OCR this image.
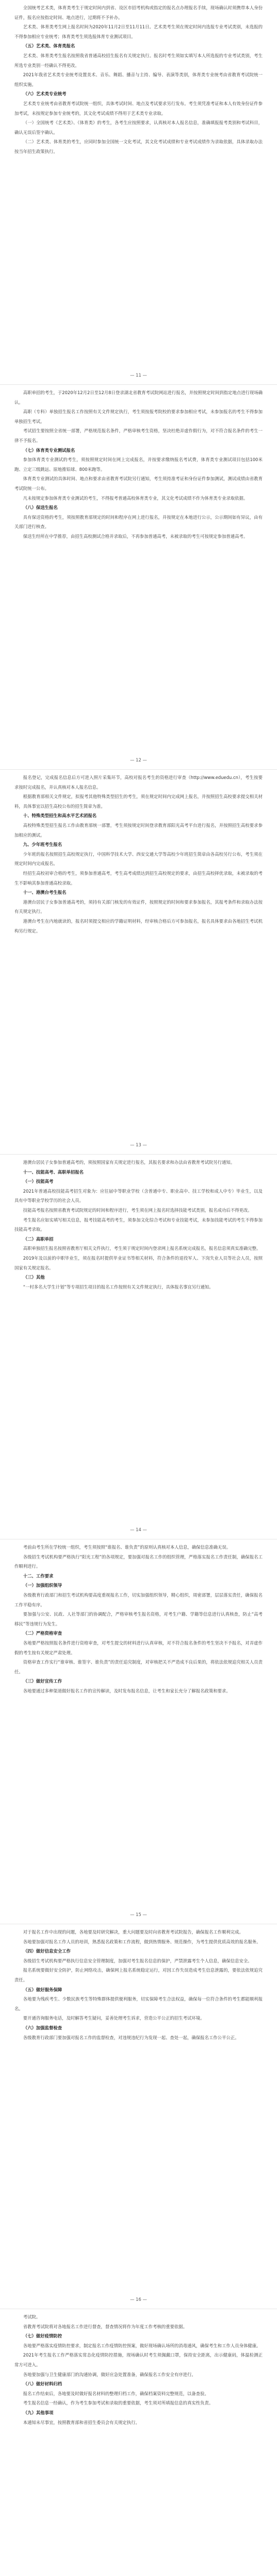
全国统考艺术类，体育类考生于规定时间内到省、设区市招考机构或指定的报名点办理报名手续，现场确认时须携带本人身份证件，报名应按指定时间、地点进行，过期将不予补办。

艺术类、体育类考生网上报名时间为2020年11月2日至11月11日。艺术类考生须在规定时间内选报专业考试类别，未选报的不得参加相应专业统考；体育类考生须选报体育专业测试项目。

（五）艺术类、体育类报名

艺术类、体育类考生报名按照我省普通高校招生报名有关规定执行。报名时考生须如实填写本人所选报的专业考试类别，考生所选专业类别一经确认不得更改。

2021年我省艺术类专业统考设置美术、音乐、舞蹈、播音与主持、编导、表演等类别，体育类专业统考由省教育考试院统一组织实施。

（六）艺术类专业统考

艺术类专业统考由省教育考试院统一组织，具体考试时间、地点及考试要求另行发布。考生须凭准考证和本人有效身份证件参加考试，未按规定参加专业统考的，其文化考试成绩不得用于艺术类专业录取。

（一）全国统考《艺术类》、《体育类》的考生，各考生应按照要求，认真核对本人报名信息，准确填报报考类别和考试科目，确认无误后签字确认。

（二）艺术类、体育类的考生，应同时参加全国统一文化考试，其文化考试成绩和专业考试成绩作为录取依据，具体录取办法按当年招生政策执行。

— 11 —

高职单招的考生，于2020年12月2日至12月8日登录湖北省教育考试院网站进行报名，并按照规定时间到指定地点进行现场确认。

高职（专科）单独招生报名工作按照有关文件规定执行，考生须按报考院校的要求参加相应考试，未参加报名的考生不得参加单独招生考试。

考试招生要按照全省统一部署，严格规范报名条件，严格审核考生资格，坚决杜绝弄虚作假行为，对不符合报名条件的考生一律不予报名。

（七）体育类专业测试报名

参加体育类专业测试的考生，须按照规定时间在网上完成报名，并按要求缴纳报名考试费，体育类专业测试项目包括100米跑、立定三级跳远、原地推铅球、800米跑等。

体育类专业测试的具体时间、地点和要求由省教育考试院另行通知，考生须持准考证和身份证件参加测试，测试成绩由省教育考试院统一公布。

凡未按规定参加体育类专业测试的考生，不得报考普通高校体育类专业，其文化考试成绩不作为体育类专业录取依据。

（八）保送生报名

具有保送资格的考生，须按照教育部规定的时间和程序在网上进行报名，并按规定在本地进行公示，公示期间如有异议，由有关部门进行核查。

保送生经所在中学推荐，由招生高校测试合格并录取后，不再参加普通高考，未被录取的考生可按规定参加普通高考。

— 12 —

报名登记，完成报名信息后方可进入照片采集环节，高校对报名考生的资格进行审查（http://www.eduedu.cn），考生按要求按时完成报名，并认真核对本人报名信息。

根据教育部相关文件规定，拟报考其他特殊类型招生的考生，须在规定时间内完成网上报名，并按照招生高校要求提交相关材料，具体事宜以招生高校公布的招生简章为准。

十、特殊类型招生和高水平艺术团报名

高校特殊类型招生报名工作由教育部统一部署，考生须按规定时间登录教育部阳光高考平台进行报名，并按照招生高校要求参加相应的测试。

九、少年班考生报名

少年班的报名按照招生高校规定执行，中国科学技术大学、西安交通大学等高校少年班招生简章由各高校另行公布，考生须在规定时间内完成报名。

经招生高校初审合格的考生，须参加普通高考，考生高考成绩达到招生高校规定的要求，由招生高校择优录取，未被录取的考生不影响其参加普通高校录取。

十一、港澳台考生报名

港澳台居民子女参加普通高考的，须持有关部门核发的有效证件，按照规定的时间和要求参加报名，其报考条件和录取办法按有关规定执行。

港澳台考生在内地就读的，报名时须提交相应的学籍证明材料，经审核合格后方可参加报名，报名具体要求由各地招生考试机构另行规定。

— 13 —

港澳台居民子女参加普通高考的，须按照国家有关规定进行报名，其报名要求和办法由省教育考试院另行通知。

十一、技能高考、高职单招报名

（一）技能高考

2021年普通高校技能高考招生对象为：应往届中等职业学校（含普通中专、职业高中、技工学校和成人中专）毕业生，以及具有中等职业学校学历的社会人员。

技能高考报名按照省教育考试院规定的时间和程序进行，考生须在网上报名时选择技能考试类别，报名成功后不得更改。

考生报名应如实填写相关信息，报考技能高考的考生，须参加文化综合考试和专业技能考试，未参加技能考试的考生不得参加技能高考录取。

（二）高职单招

高职单独招生报名按照省教育厅相关文件执行，考生须于规定时间内登录网上报名系统完成报名，报名信息须真实准确完整。

2019年及以前的中职毕业生，须在报名时提供毕业证书等相关材料，符合条件的退役军人、下岗失业人员等社会人员，按照国家有关规定报名。

（三）其他

“一村多名大学生计划”等专项招生项目的报名工作按照有关文件规定执行，具体报名事宜另行通知。

— 14 —

考前由考生所在学校统一组织，考生须按照“谁报名、谁负责”的原则认真核对本人信息，确保信息准确无误。

各级招生考试机构要严格执行“阳光工程”的各项规定，要加强对报名工作的组织管理，严格落实报名工作责任制，确保报名工作顺利进行。

十二、工作要求

（一）加强组织领导

各级教育行政部门和招生考试机构要高度重视报名工作，切实加强组织领导，精心组织，周密部署，层层落实责任，确保报名工作平稳有序。

要加强与公安、民政、人社等部门的协调配合，严格审核考生报名资格，对考生户籍、学籍等信息进行认真核查，防止“高考移民”等违规行为发生。

（二）严格资格审查

各地要严格按照报名条件进行资格审查，对考生提交的材料进行认真审核，对不符合报名条件的考生坚决不予报名，对弄虚作假的考生按有关规定严肃处理。

资格审查工作实行“谁审核、谁签字、谁负责”的责任追究制度，对审核把关不严造成不良后果的，将依法依规追究相关人员责任。

（三）做好宣传工作

各地要通过多种渠道做好报名工作的宣传解读，及时发布报名信息，让考生和家长充分了解报名政策和要求。

— 15 —

对于报名工作中出现的问题，各地要及时研究解决，重大问题要及时向省教育考试院报告，确保报名工作顺利完成。

各地要加强对报名工作人员的培训，熟悉报名政策和工作流程，做到热情服务、规范操作，为考生提供优质高效的报名服务。

（四）做好信息安全工作

各级招生考试机构要严格执行信息安全管理制度，加强对考生报名信息的保护，严禁泄露考生个人信息，确保信息安全。

报名系统要做好安全防护，防止网络攻击，确保网上报名系统稳定运行，对因工作失误造成考生信息泄露的，要依法依规追究责任。

（五）做好服务保障

各地要为残疾考生、少数民族考生等特殊群体提供便利服务，切实保障考生合法权益，确保每一位符合条件的考生都能顺利报名。

要开通咨询服务电话，及时解答考生疑问，妥善处理考生诉求，营造公平公正的招生考试环境。

（六）加强监督检查

各级教育行政部门要加强对报名工作的监督检查，对违规违纪行为发现一起、查处一起，确保报名工作公平公正。

— 16 —

考试院。

省教育考试院将对各地报名工作进行督查，督查情况将作为年度工作考核的重要依据。

（七）做好疫情防控

各地要严格落实疫情防控要求，制定报名工作疫情防控预案，做好现场确认场所的消毒通风，确保考生和工作人员身体健康。

2021年考生报名工作严格落实常态化疫情防控措施，现场确认时考生须佩戴口罩，保持安全距离，出示健康码，体温检测正常方可进入。

各地要加强与卫生健康部门的沟通协调，做好应急处置准备，确保报名工作安全有序进行。

（八）做好材料归档

报名工作结束后，各地要及时做好报名材料的整理归档工作，确保档案资料完整规范，以备查验。

考生报名信息一经确认，作为考生参加考试和录取的重要依据，考生须对所填报信息的真实性负责。

（九）其他事项

本通知未尽事宜，按照教育部和省招生委员会有关规定执行。
